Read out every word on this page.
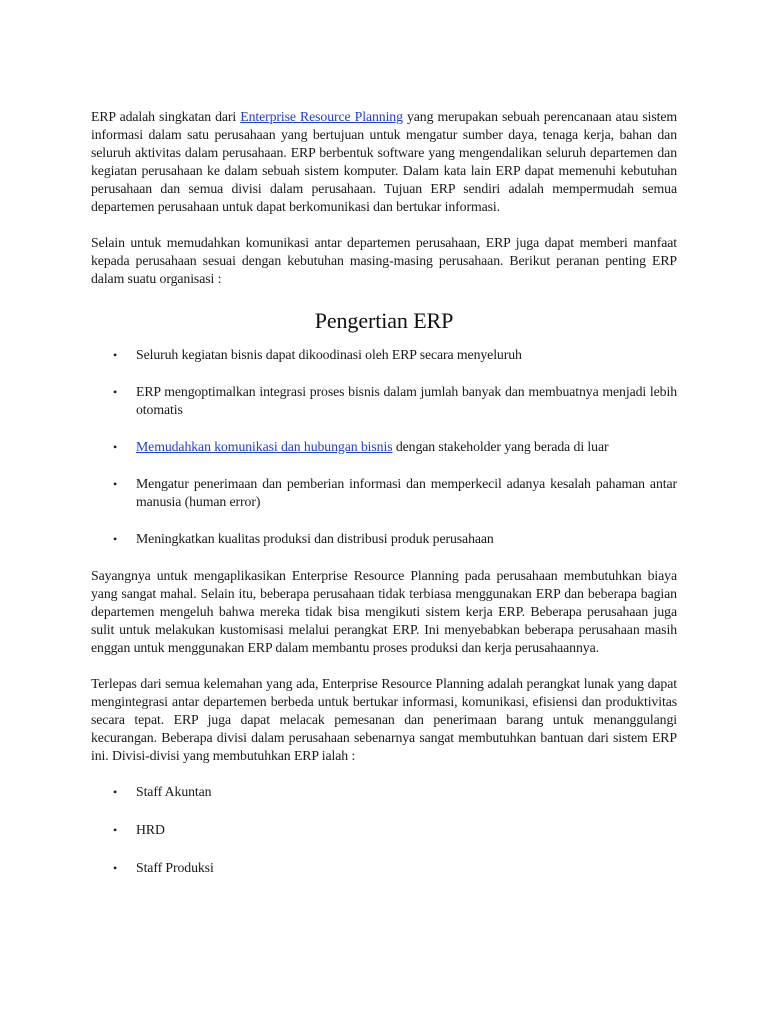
ERP adalah singkatan dari Enterprise Resource Planning yang merupakan sebuah perencanaan atau sistem informasi dalam satu perusahaan yang bertujuan untuk mengatur sumber daya, tenaga kerja, bahan dan seluruh aktivitas dalam perusahaan. ERP berbentuk software yang mengendalikan seluruh departemen dan kegiatan perusahaan ke dalam sebuah sistem komputer. Dalam kata lain ERP dapat memenuhi kebutuhan perusahaan dan semua divisi dalam perusahaan. Tujuan ERP sendiri adalah mempermudah semua departemen perusahaan untuk dapat berkomunikasi dan bertukar informasi.

Selain untuk memudahkan komunikasi antar departemen perusahaan, ERP juga dapat memberi manfaat kepada perusahaan sesuai dengan kebutuhan masing-masing perusahaan. Berikut peranan penting ERP dalam suatu organisasi :

Pengertian ERP
• Seluruh kegiatan bisnis dapat dikoodinasi oleh ERP secara menyeluruh
• ERP mengoptimalkan integrasi proses bisnis dalam jumlah banyak dan membuatnya menjadi lebih otomatis
• Memudahkan komunikasi dan hubungan bisnis dengan stakeholder yang berada di luar
• Mengatur penerimaan dan pemberian informasi dan memperkecil adanya kesalah pahaman antar manusia (human error)
• Meningkatkan kualitas produksi dan distribusi produk perusahaan

Sayangnya untuk mengaplikasikan Enterprise Resource Planning pada perusahaan membutuhkan biaya yang sangat mahal. Selain itu, beberapa perusahaan tidak terbiasa menggunakan ERP dan beberapa bagian departemen mengeluh bahwa mereka tidak bisa mengikuti sistem kerja ERP. Beberapa perusahaan juga sulit untuk melakukan kustomisasi melalui perangkat ERP. Ini menyebabkan beberapa perusahaan masih enggan untuk menggunakan ERP dalam membantu proses produksi dan kerja perusahaannya.

Terlepas dari semua kelemahan yang ada, Enterprise Resource Planning adalah perangkat lunak yang dapat mengintegrasi antar departemen berbeda untuk bertukar informasi, komunikasi, efisiensi dan produktivitas secara tepat. ERP juga dapat melacak pemesanan dan penerimaan barang untuk menanggulangi kecurangan. Beberapa divisi dalam perusahaan sebenarnya sangat membutuhkan bantuan dari sistem ERP ini. Divisi-divisi yang membutuhkan ERP ialah :

• Staff Akuntan
• HRD
• Staff Produksi
